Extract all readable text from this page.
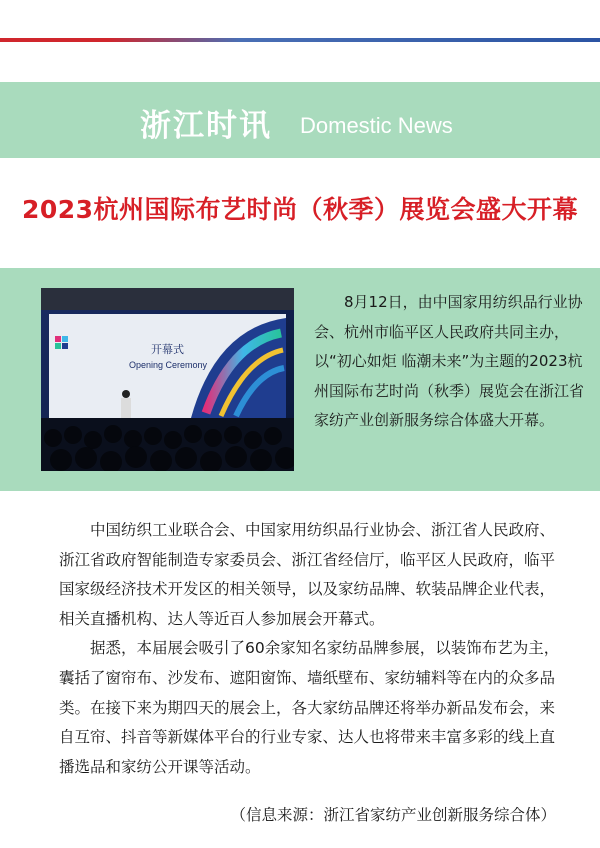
浙江时讯 Domestic News
2023杭州国际布艺时尚（秋季）展览会盛大开幕
开幕式
Opening Ceremony
8月12日，由中国家用纺织品行业协会、杭州市临平区人民政府共同主办，以“初心如炬 临潮未来”为主题的2023杭州国际布艺时尚（秋季）展览会在浙江省家纺产业创新服务综合体盛大开幕。

中国纺织工业联合会、中国家用纺织品行业协会、浙江省人民政府、浙江省政府智能制造专家委员会、浙江省经信厅，临平区人民政府，临平国家级经济技术开发区的相关领导，以及家纺品牌、软装品牌企业代表，相关直播机构、达人等近百人参加展会开幕式。

据悉，本届展会吸引了60余家知名家纺品牌参展，以装饰布艺为主，囊括了窗帘布、沙发布、遮阳窗饰、墙纸壁布、家纺辅料等在内的众多品类。在接下来为期四天的展会上，各大家纺品牌还将举办新品发布会，来自互帘、抖音等新媒体平台的行业专家、达人也将带来丰富多彩的线上直播选品和家纺公开课等活动。

（信息来源：浙江省家纺产业创新服务综合体）
